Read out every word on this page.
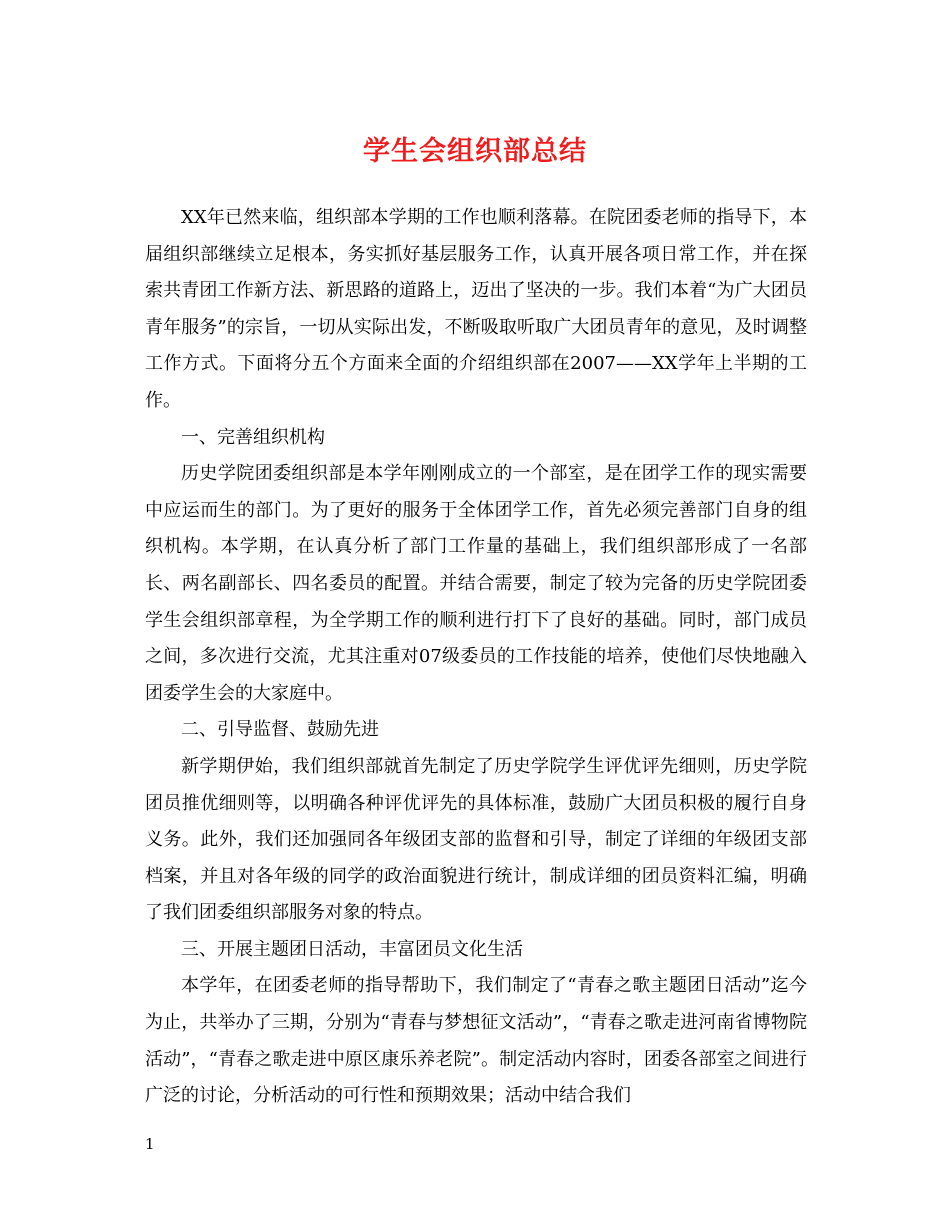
学生会组织部总结

XX年已然来临，组织部本学期的工作也顺利落幕。在院团委老师的指导下，本届组织部继续立足根本，务实抓好基层服务工作，认真开展各项日常工作，并在探索共青团工作新方法、新思路的道路上，迈出了坚决的一步。我们本着“为广大团员青年服务”的宗旨，一切从实际出发，不断吸取听取广大团员青年的意见，及时调整工作方式。下面将分五个方面来全面的介绍组织部在2007——XX学年上半期的工作。

一、完善组织机构

历史学院团委组织部是本学年刚刚成立的一个部室，是在团学工作的现实需要中应运而生的部门。为了更好的服务于全体团学工作，首先必须完善部门自身的组织机构。本学期，在认真分析了部门工作量的基础上，我们组织部形成了一名部长、两名副部长、四名委员的配置。并结合需要，制定了较为完备的历史学院团委学生会组织部章程，为全学期工作的顺利进行打下了良好的基础。同时，部门成员之间，多次进行交流，尤其注重对07级委员的工作技能的培养，使他们尽快地融入团委学生会的大家庭中。

二、引导监督、鼓励先进

新学期伊始，我们组织部就首先制定了历史学院学生评优评先细则，历史学院团员推优细则等，以明确各种评优评先的具体标准，鼓励广大团员积极的履行自身义务。此外，我们还加强同各年级团支部的监督和引导，制定了详细的年级团支部档案，并且对各年级的同学的政治面貌进行统计，制成详细的团员资料汇编，明确了我们团委组织部服务对象的特点。

三、开展主题团日活动，丰富团员文化生活

本学年，在团委老师的指导帮助下，我们制定了“青春之歌主题团日活动”迄今为止，共举办了三期，分别为“青春与梦想征文活动”，“青春之歌走进河南省博物院活动”，“青春之歌走进中原区康乐养老院”。制定活动内容时，团委各部室之间进行广泛的讨论，分析活动的可行性和预期效果；活动中结合我们

1
